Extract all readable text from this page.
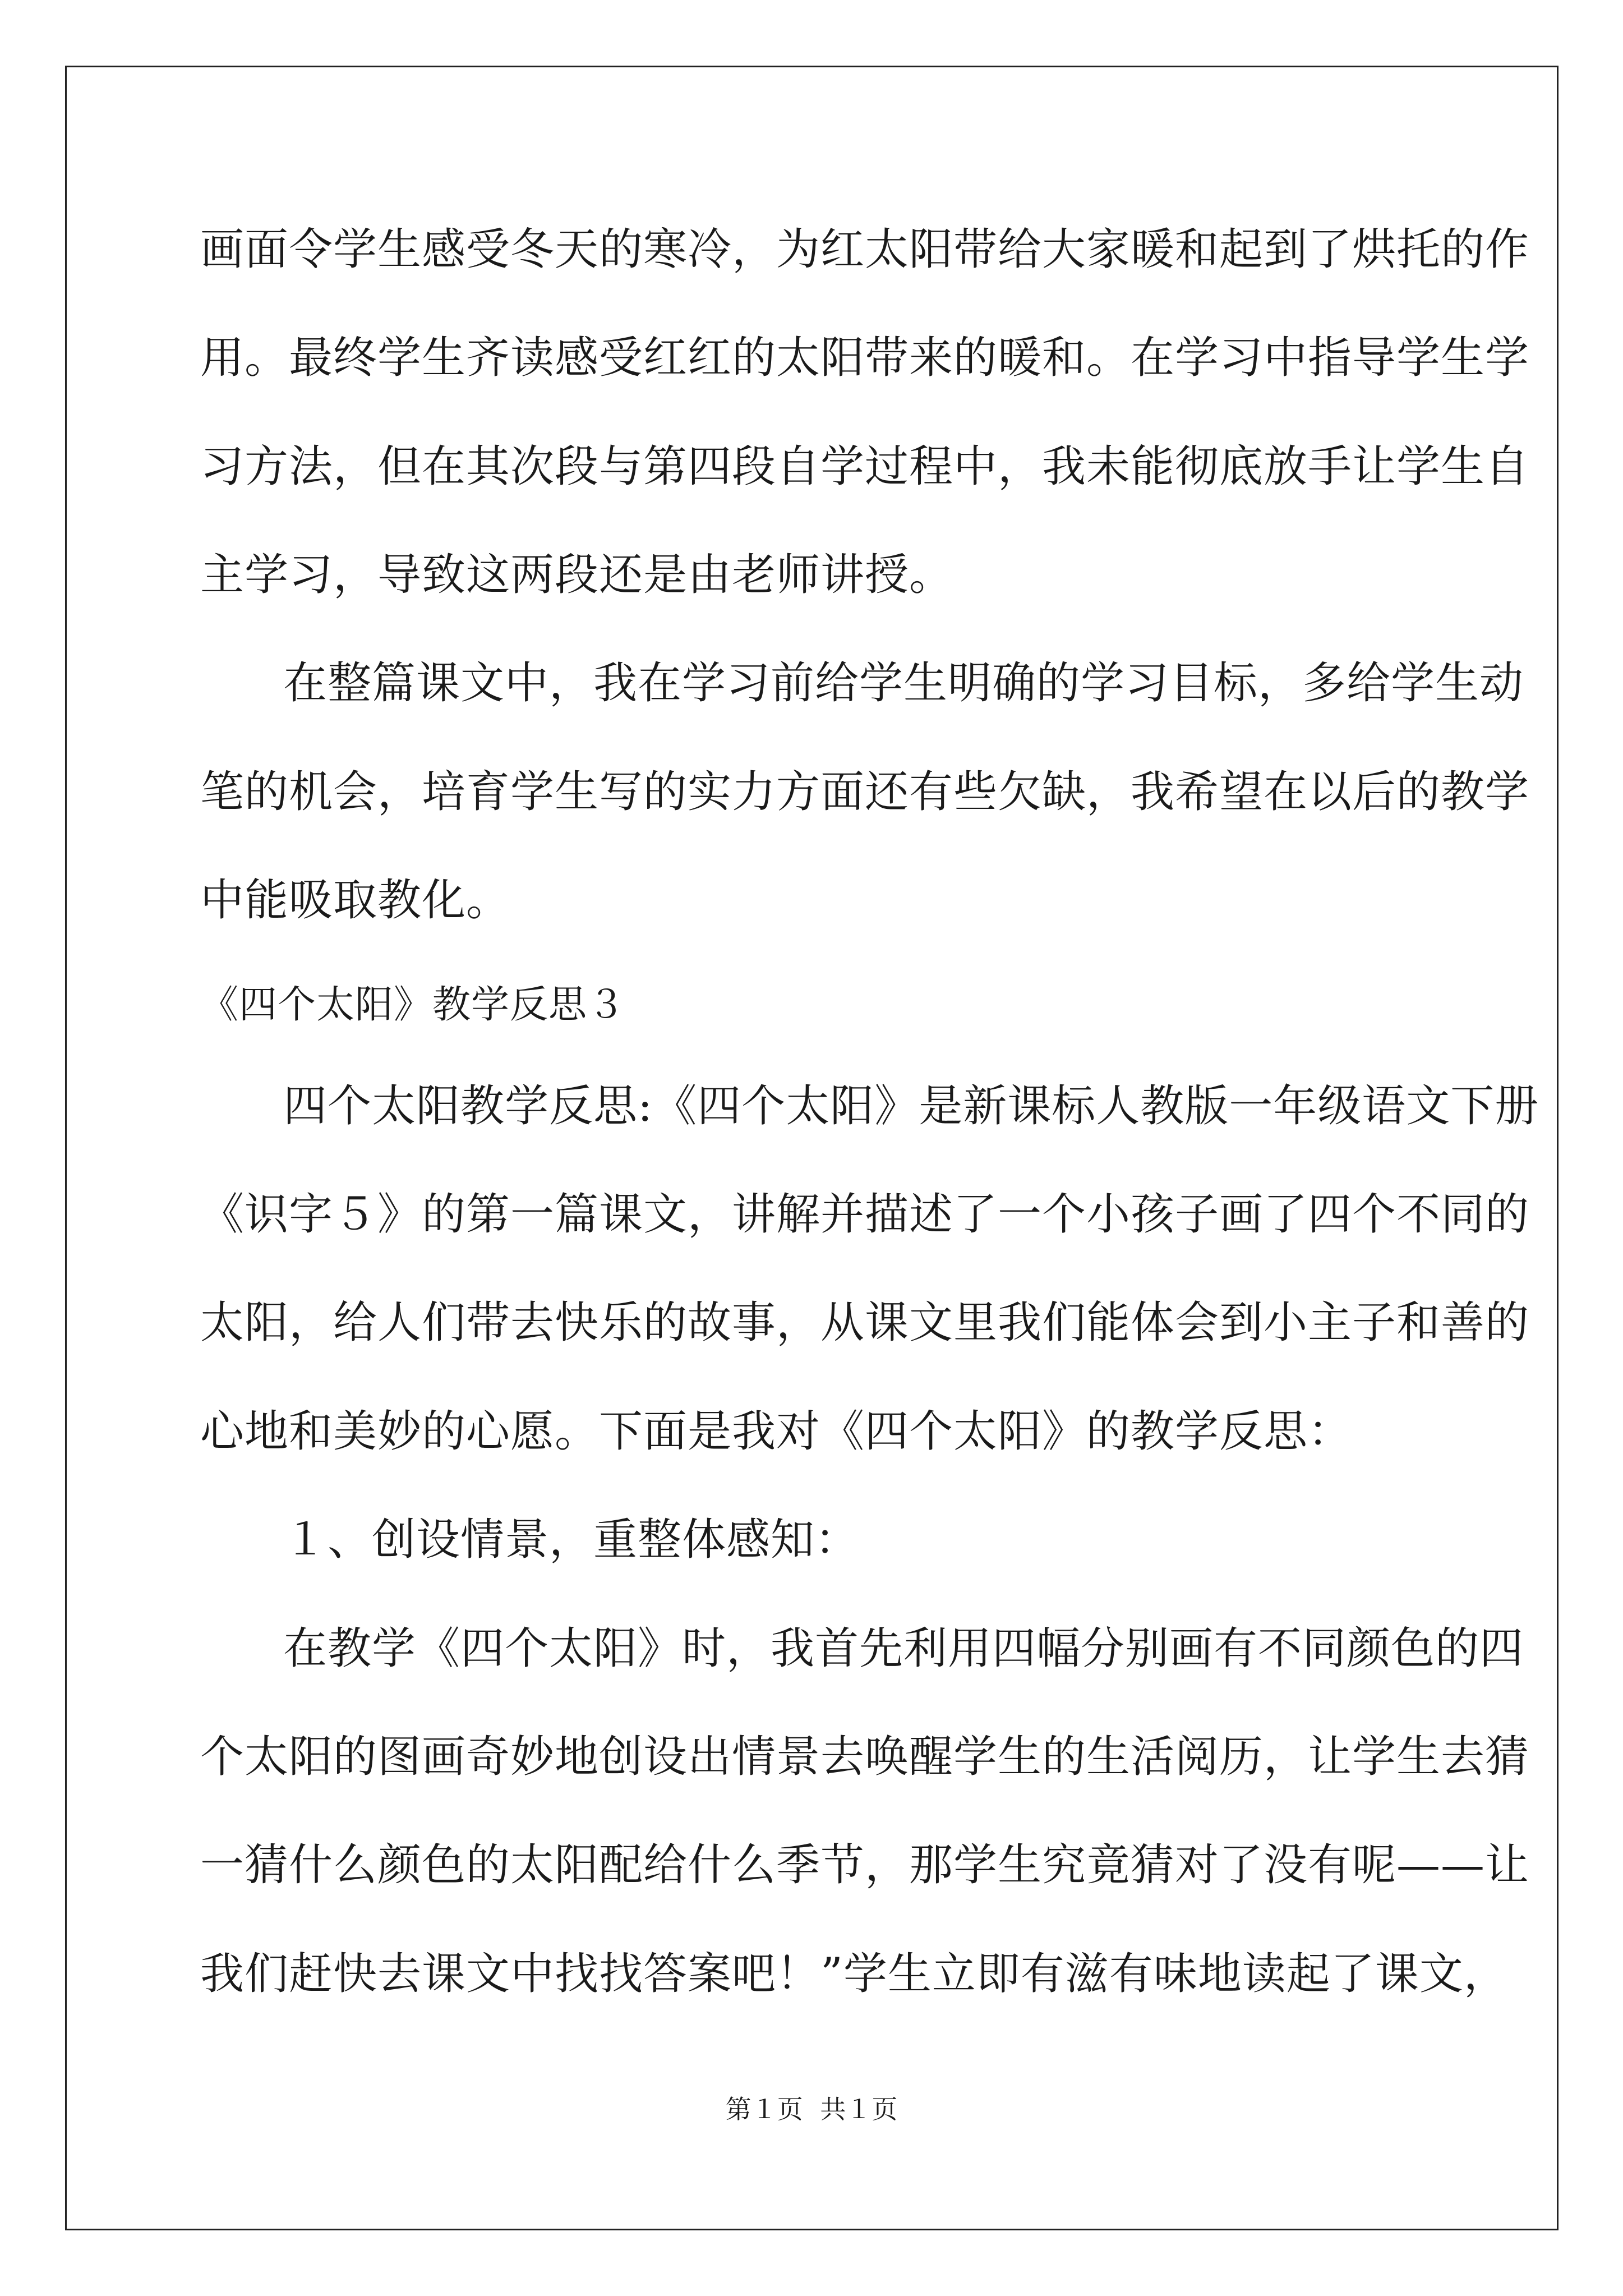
画面令学生感受冬天的寒冷，为红太阳带给大家暖和起到了烘托的作
用。最终学生齐读感受红红的太阳带来的暖和。在学习中指导学生学
习方法，但在其次段与第四段自学过程中，我未能彻底放手让学生自
主学习，导致这两段还是由老师讲授。
在整篇课文中，我在学习前给学生明确的学习目标，多给学生动
笔的机会，培育学生写的实力方面还有些欠缺，我希望在以后的教学
中能吸取教化。
《四个太阳》教学反思３
四个太阳教学反思:《四个太阳》是新课标人教版一年级语文下册
《识字５》的第一篇课文，讲解并描述了一个小孩子画了四个不同的
太阳，给人们带去快乐的故事，从课文里我们能体会到小主子和善的
心地和美妙的心愿。下面是我对《四个太阳》的教学反思：
１、创设情景，重整体感知：
在教学《四个太阳》时，我首先利用四幅分别画有不同颜色的四
个太阳的图画奇妙地创设出情景去唤醒学生的生活阅历，让学生去猜
一猜什么颜色的太阳配给什么季节，那学生究竟猜对了没有呢——让
我们赶快去课文中找找答案吧！”学生立即有滋有味地读起了课文，
第１页 共１页
